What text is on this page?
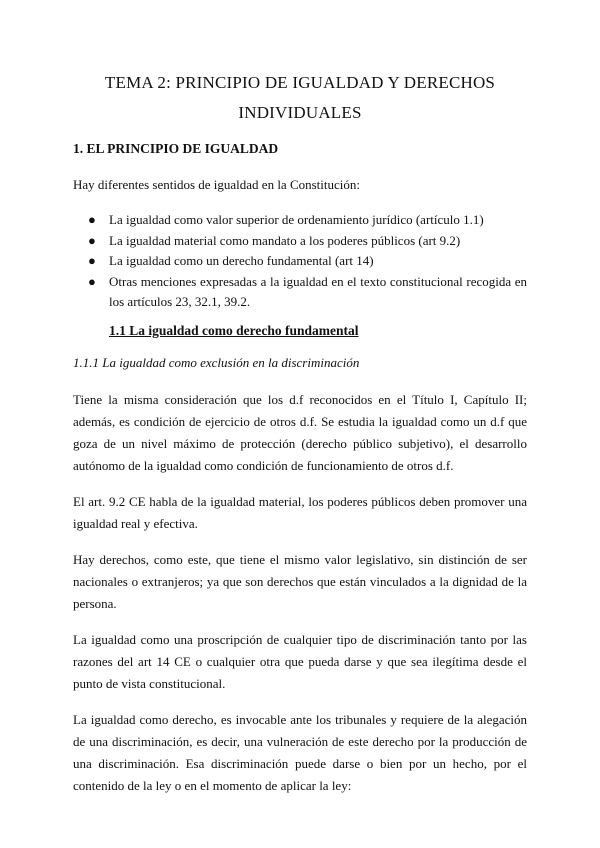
TEMA 2: PRINCIPIO DE IGUALDAD Y DERECHOS
INDIVIDUALES
1. EL PRINCIPIO DE IGUALDAD

Hay diferentes sentidos de igualdad en la Constitución:

● La igualdad como valor superior de ordenamiento jurídico (artículo 1.1)
● La igualdad material como mandato a los poderes públicos (art 9.2)
● La igualdad como un derecho fundamental (art 14)
● Otras menciones expresadas a la igualdad en el texto constitucional recogida en los artículos 23, 32.1, 39.2.
1.1 La igualdad como derecho fundamental
1.1.1 La igualdad como exclusión en la discriminación

Tiene la misma consideración que los d.f reconocidos en el Título I, Capítulo II; además, es condición de ejercicio de otros d.f. Se estudia la igualdad como un d.f que goza de un nivel máximo de protección (derecho público subjetivo), el desarrollo autónomo de la igualdad como condición de funcionamiento de otros d.f.

El art. 9.2 CE habla de la igualdad material, los poderes públicos deben promover una igualdad real y efectiva.

Hay derechos, como este, que tiene el mismo valor legislativo, sin distinción de ser nacionales o extranjeros; ya que son derechos que están vinculados a la dignidad de la persona.

La igualdad como una proscripción de cualquier tipo de discriminación tanto por las razones del art 14 CE o cualquier otra que pueda darse y que sea ilegítima desde el punto de vista constitucional.

La igualdad como derecho, es invocable ante los tribunales y requiere de la alegación de una discriminación, es decir, una vulneración de este derecho por la producción de una discriminación. Esa discriminación puede darse o bien por un hecho, por el contenido de la ley o en el momento de aplicar la ley:
